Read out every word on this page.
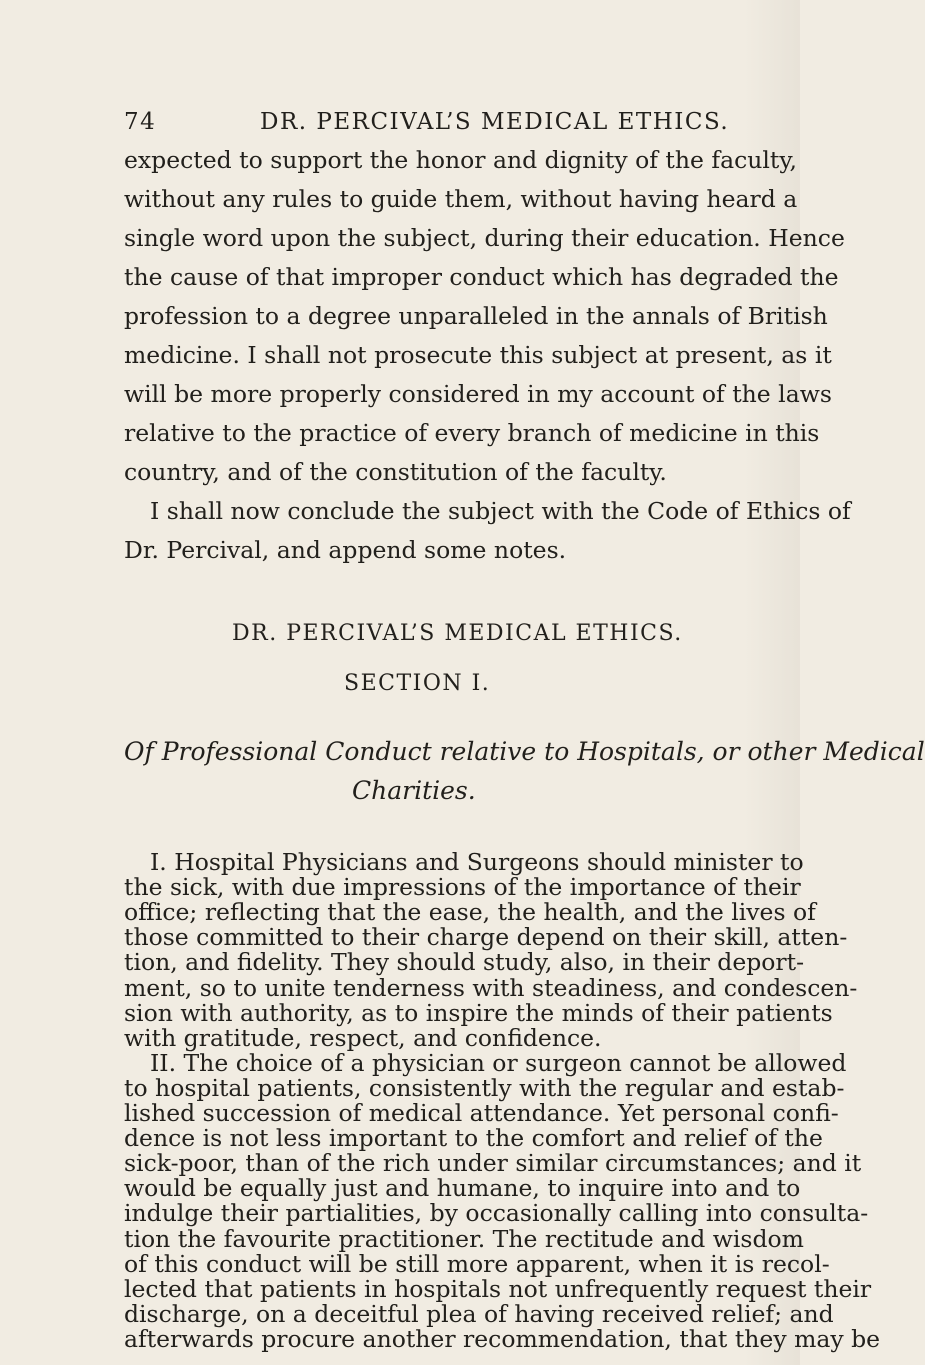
74	DR. PERCIVAL’S MEDICAL ETHICS.
expected to support the honor and dignity of the faculty,
without any rules to guide them, without having heard a
single word upon the subject, during their education. Hence
the cause of that improper conduct which has degraded the
profession to a degree unparalleled in the annals of British
medicine. I shall not prosecute this subject at present, as it
will be more properly considered in my account of the laws
relative to the practice of every branch of medicine in this
country, and of the constitution of the faculty.
I shall now conclude the subject with the Code of Ethics of
Dr. Percival, and append some notes.
DR. PERCIVAL’S MEDICAL ETHICS.
SECTION I.
Of Professional Conduct relative to Hospitals, or other Medical
Charities.
I. Hospital Physicians and Surgeons should minister to
the sick, with due impressions of the importance of their
office; reflecting that the ease, the health, and the lives of
those committed to their charge depend on their skill, atten-
tion, and fidelity. They should study, also, in their deport-
ment, so to unite tenderness with steadiness, and condescen-
sion with authority, as to inspire the minds of their patients
with gratitude, respect, and confidence.
II. The choice of a physician or surgeon cannot be allowed
to hospital patients, consistently with the regular and estab-
lished succession of medical attendance. Yet personal confi-
dence is not less important to the comfort and relief of the
sick-poor, than of the rich under similar circumstances; and it
would be equally just and humane, to inquire into and to
indulge their partialities, by occasionally calling into consulta-
tion the favourite practitioner. The rectitude and wisdom
of this conduct will be still more apparent, when it is recol-
lected that patients in hospitals not unfrequently request their
discharge, on a deceitful plea of having received relief; and
afterwards procure another recommendation, that they may be
